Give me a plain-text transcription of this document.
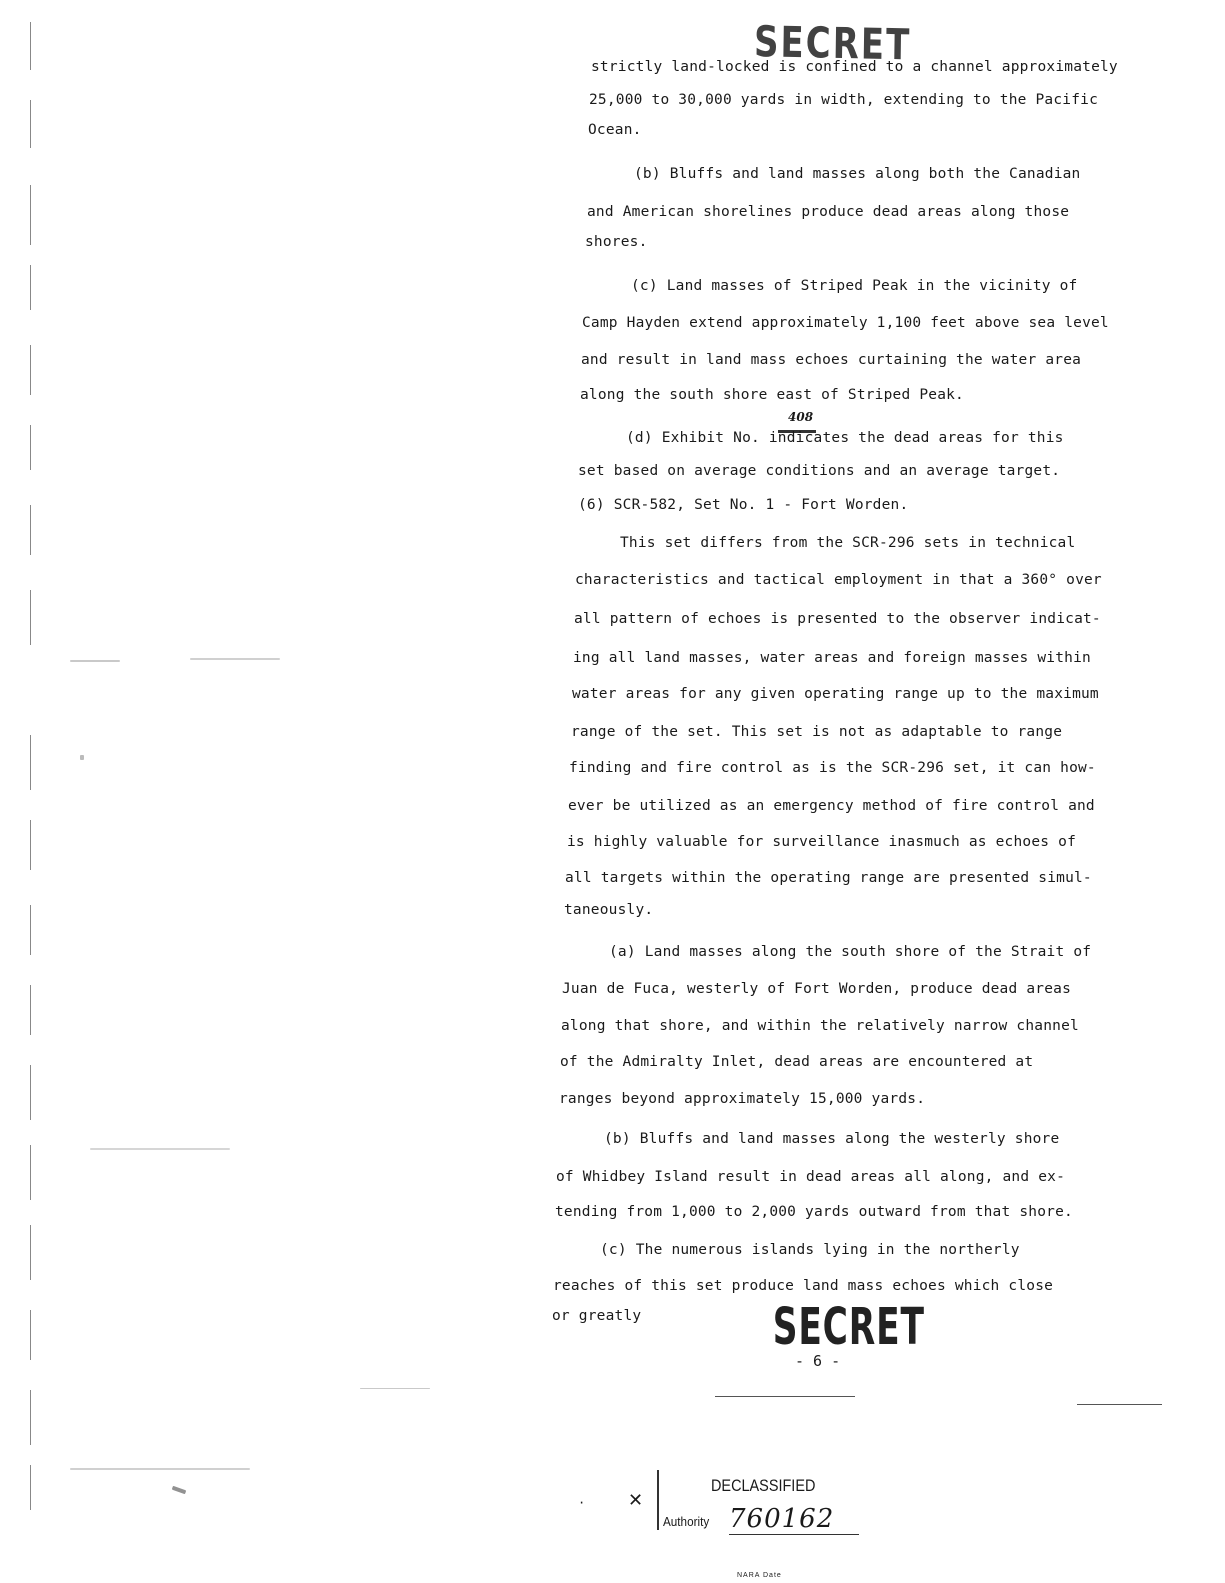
SECRET
strictly land-locked is confined to a channel approximately
25,000 to 30,000 yards in width, extending to the Pacific
Ocean.
(b) Bluffs and land masses along both the Canadian
and American shorelines produce dead areas along those
shores.
(c) Land masses of Striped Peak in the vicinity of
Camp Hayden extend approximately 1,100 feet above sea level
and result in land mass echoes curtaining the water area
along the south shore east of Striped Peak.
408
(d) Exhibit No. indicates the dead areas for this
set based on average conditions and an average target.
(6) SCR-582, Set No. 1 - Fort Worden.
This set differs from the SCR-296 sets in technical
characteristics and tactical employment in that a 360° over
all pattern of echoes is presented to the observer indicat-
ing all land masses, water areas and foreign masses within
water areas for any given operating range up to the maximum
range of the set. This set is not as adaptable to range
finding and fire control as is the SCR-296 set, it can how-
ever be utilized as an emergency method of fire control and
is highly valuable for surveillance inasmuch as echoes of
all targets within the operating range are presented simul-
taneously.
(a) Land masses along the south shore of the Strait of
Juan de Fuca, westerly of Fort Worden, produce dead areas
along that shore, and within the relatively narrow channel
of the Admiralty Inlet, dead areas are encountered at
ranges beyond approximately 15,000 yards.
(b) Bluffs and land masses along the westerly shore
of Whidbey Island result in dead areas all along, and ex-
tending from 1,000 to 2,000 yards outward from that shore.
(c) The numerous islands lying in the northerly
reaches of this set produce land mass echoes which close
or greatly	SECRET
- 6 -
· ✕
DECLASSIFIED
Authority 760162
NARA Date
